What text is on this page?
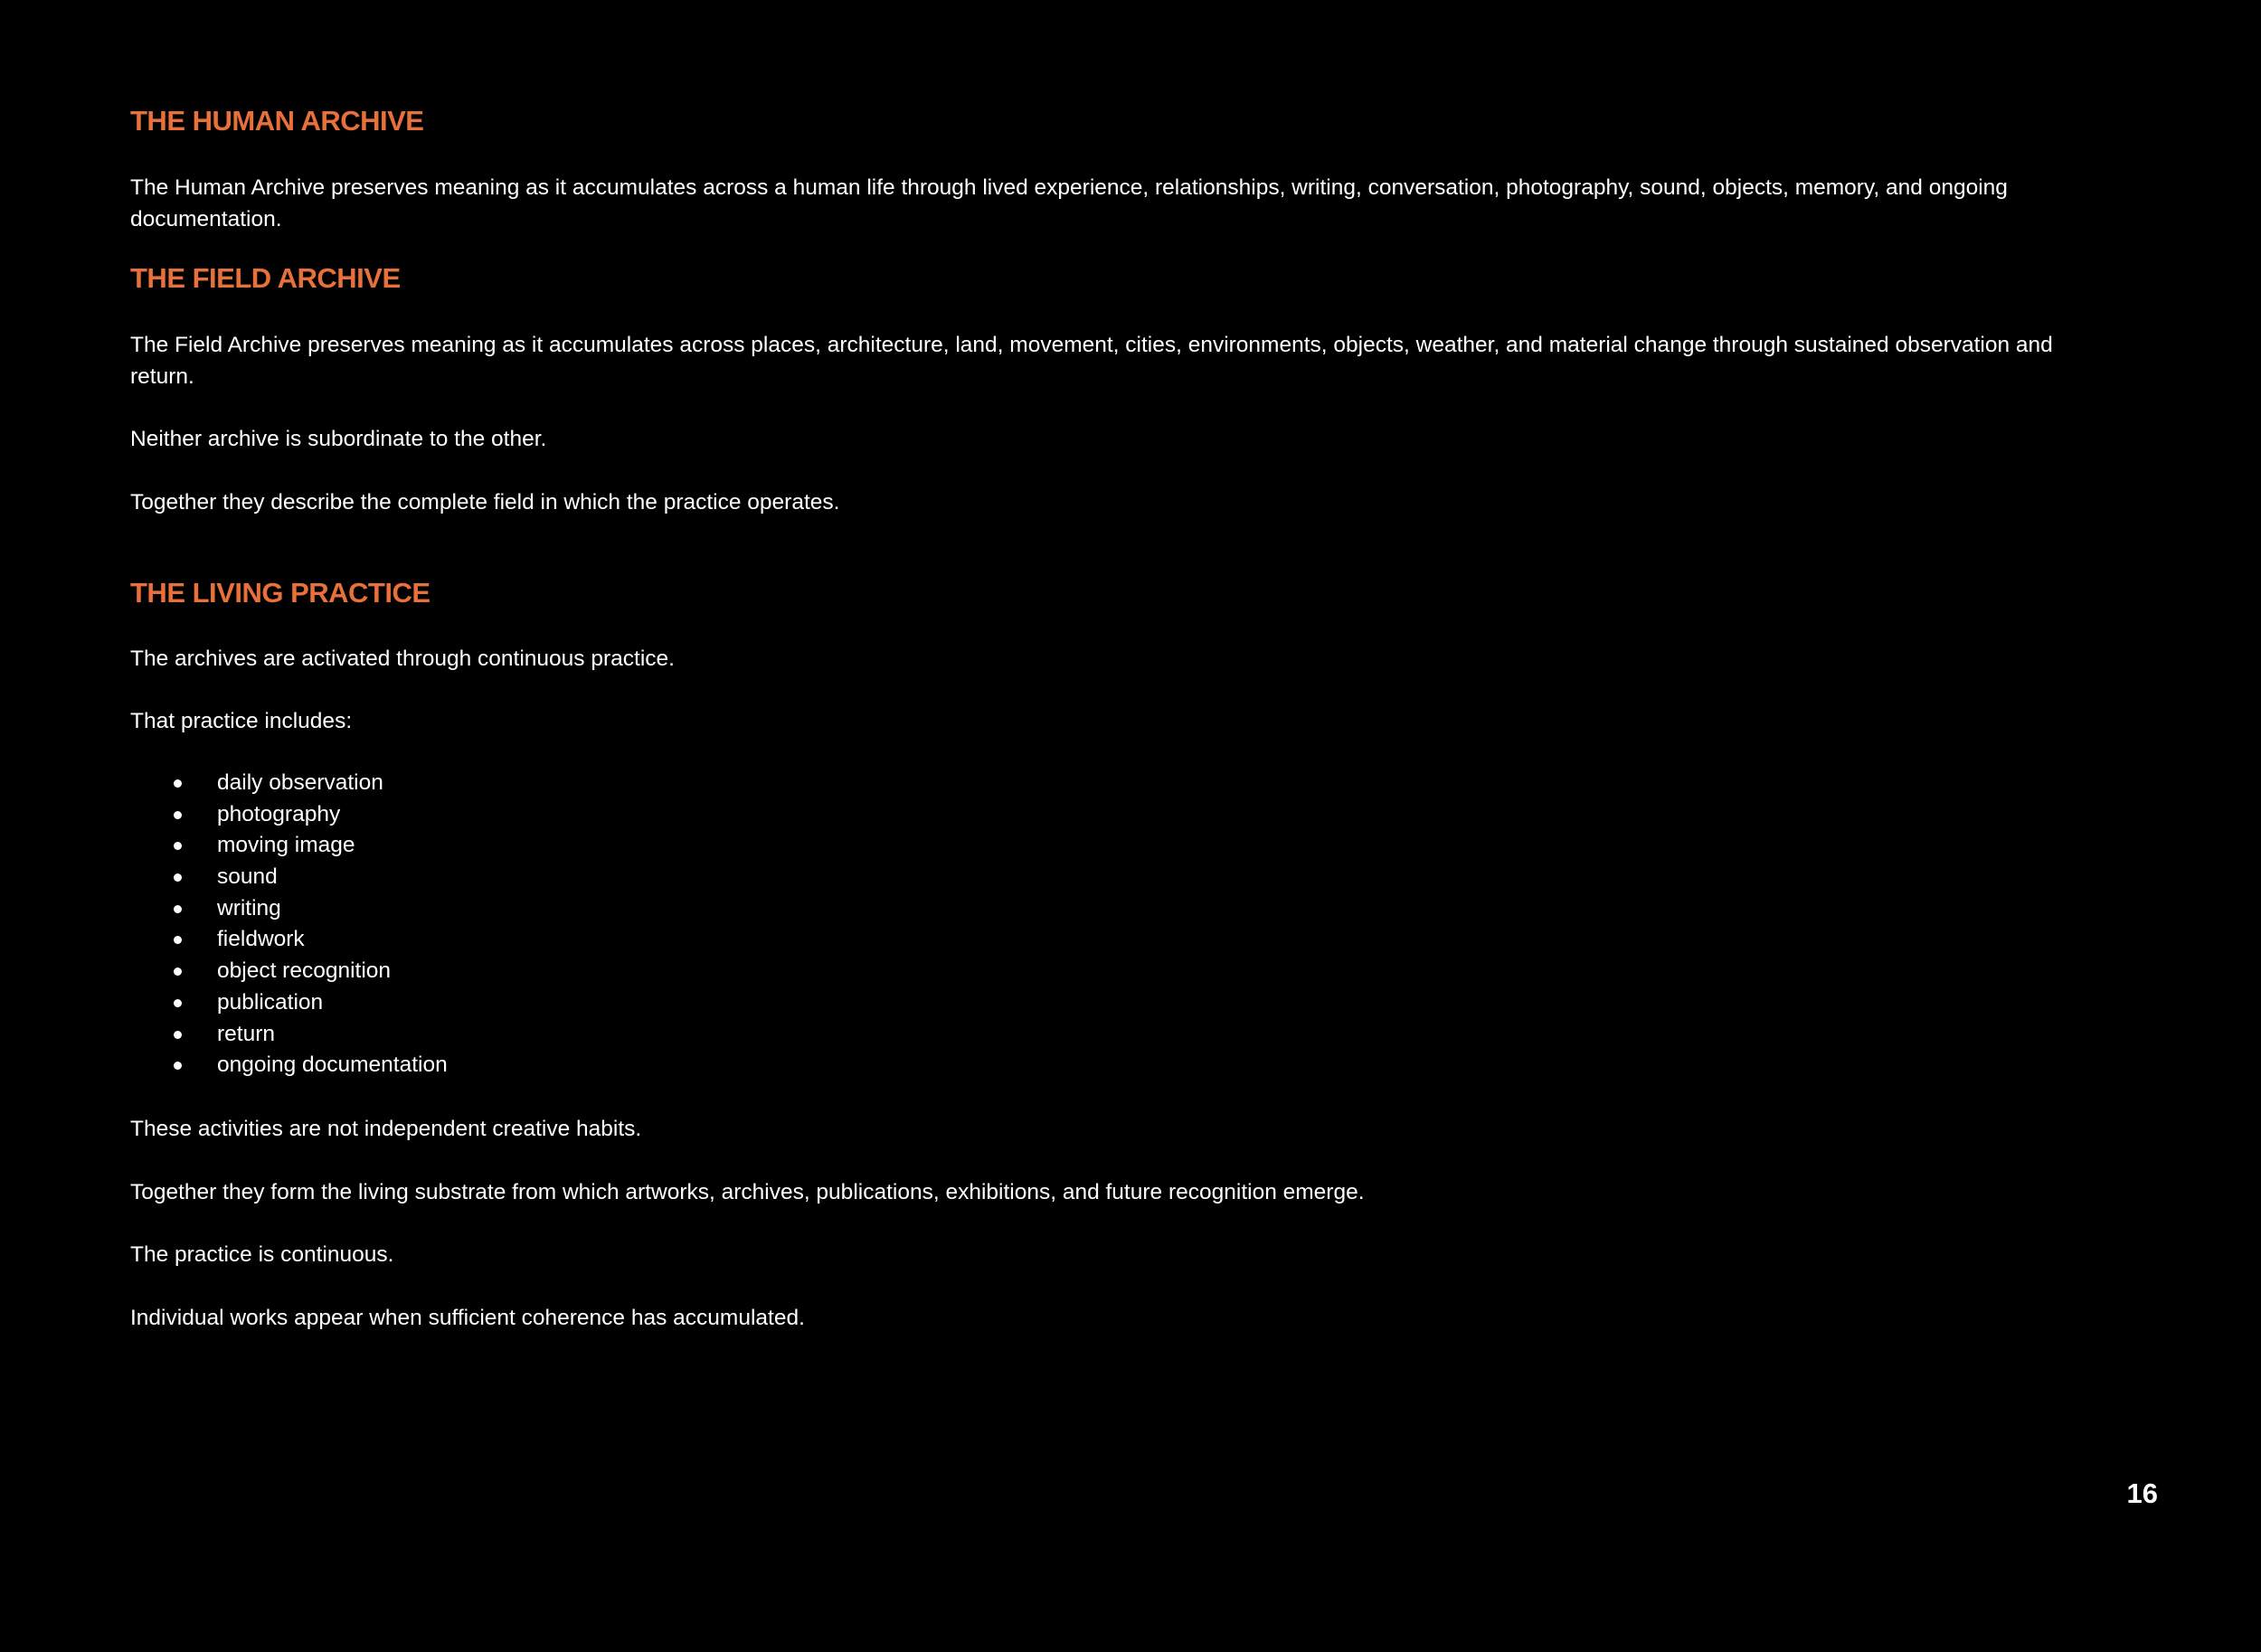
THE HUMAN ARCHIVE

The Human Archive preserves meaning as it accumulates across a human life through lived experience, relationships, writing, conversation, photography, sound, objects, memory, and ongoing documentation.

THE FIELD ARCHIVE

The Field Archive preserves meaning as it accumulates across places, architecture, land, movement, cities, environments, objects, weather, and material change through sustained observation and return.

Neither archive is subordinate to the other.

Together they describe the complete field in which the practice operates.

THE LIVING PRACTICE

The archives are activated through continuous practice.

That practice includes:

daily observation
photography
moving image
sound
writing
fieldwork
object recognition
publication
return
ongoing documentation

These activities are not independent creative habits.

Together they form the living substrate from which artworks, archives, publications, exhibitions, and future recognition emerge.

The practice is continuous.

Individual works appear when sufficient coherence has accumulated.

16
